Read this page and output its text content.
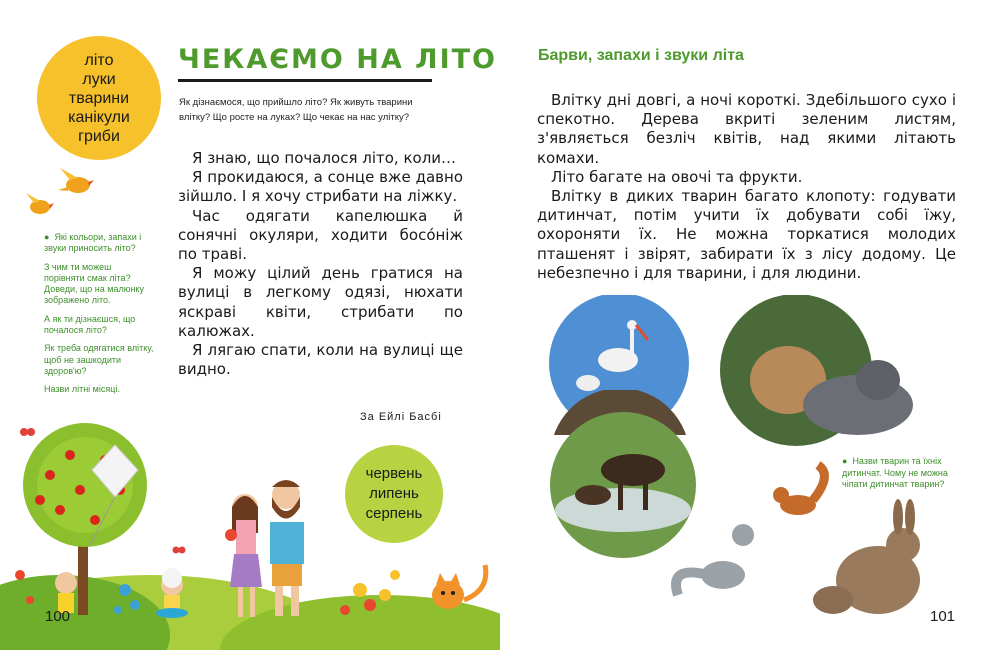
літо
луки
тварини
канікули
гриби
ЧЕКАЄМО НА ЛІТО
Як дізнаємося, що прийшло літо? Як живуть тварини
влітку? Що росте на луках? Що чекає на нас улітку?

Я знаю, що почалося літо, коли…

Я прокидаюся, а сонце вже давно зійшло. І я хочу стрибати на ліжку.

Час одягати капелюшка й сонячні окуляри, ходити босóніж по траві.

Я можу цілий день гратися на вулиці в легкому одязі, нюхати яскраві квіти, стрибати по калюжах.

Я лягаю спати, коли на вулиці ще видно.

За Ейлі Басбі
●  Які кольори, запахи і звуки приносить літо?
З чим ти можеш порівняти смак літа? Доведи, що на малюнку зображено літо.
А як ти дізнаєшся, що почалося літо?
Як треба одягатися влітку, щоб не зашкодити здоров'ю?
Назви літні місяці.
червень
липень
серпень
100
Барви, запахи і звуки літа

Влітку дні довгі, а ночі короткі. Здебільшого сухо і спекотно. Дерева вкриті зеленим листям, з'являється безліч квітів, над якими літають комахи.

Літо багате на овочі та фрукти.

Влітку в диких тварин багато клопоту: годувати дитинчат, потім учити їх добувати собі їжу, охороняти їх. Не можна торкатися молодих пташенят і звірят, забирати їх з лісу додому. Це небезпечно і для тварини, і для людини.

●  Назви тварин та їхніх дитинчат. Чому не можна чіпати дитинчат тварин?
101
